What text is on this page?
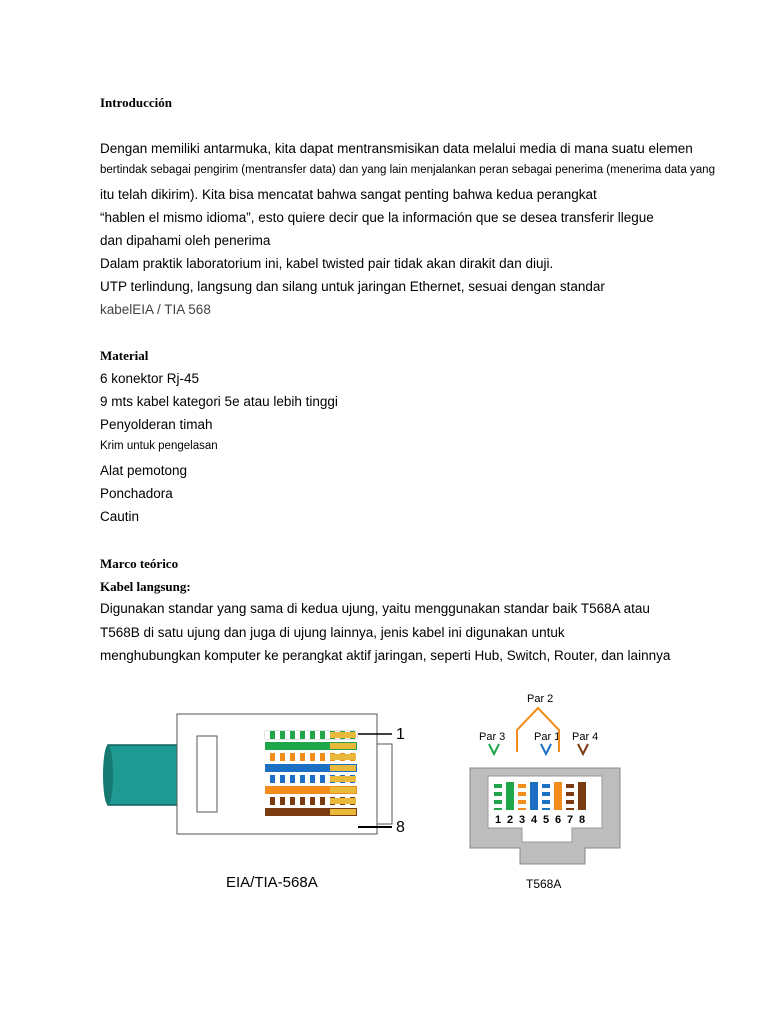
Introducción
Dengan memiliki antarmuka, kita dapat mentransmisikan data melalui media di mana suatu elemen
bertindak sebagai pengirim (mentransfer data) dan yang lain menjalankan peran sebagai penerima (menerima data yang
itu telah dikirim). Kita bisa mencatat bahwa sangat penting bahwa kedua perangkat
“hablen el mismo idioma”, esto quiere decir que la información que se desea transferir llegue
dan dipahami oleh penerima
Dalam praktik laboratorium ini, kabel twisted pair tidak akan dirakit dan diuji.
UTP terlindung, langsung dan silang untuk jaringan Ethernet, sesuai dengan standar
kabelEIA / TIA 568
Material
6 konektor Rj-45
9 mts kabel kategori 5e atau lebih tinggi
Penyolderan timah
Krim untuk pengelasan
Alat pemotong
Ponchadora
Cautin
Marco teórico
Kabel langsung:
Digunakan standar yang sama di kedua ujung, yaitu menggunakan standar baik T568A atau
T568B di satu ujung dan juga di ujung lainnya, jenis kabel ini digunakan untuk
menghubungkan komputer ke perangkat aktif jaringan, seperti Hub, Switch, Router, dan lainnya
1
8
EIA/TIA-568A
Par 2
Par 3	Par 1 Par 4
1 2 3 4 5 6 7 8
T568A
